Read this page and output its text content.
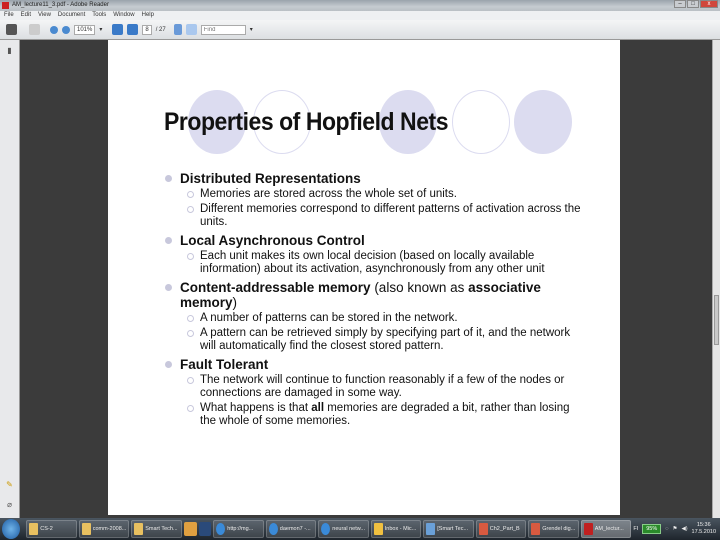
AM_lecture11_3.pdf - Adobe Reader	–	□	x
File Edit View Document Tools Window Help
101%	▾	8	/ 27
Find	▾
▮
✎
⌀
Properties of Hopfield Nets
Distributed Representations
Memories are stored across the whole set of units.
Different memories correspond to different patterns of activation across the units.
Local Asynchronous Control
Each unit makes its own local decision (based on locally available information) about its activation, asynchronously from any other unit
Content-addressable memory (also known as associative memory)
A number of patterns can be stored in the network.
A pattern can be retrieved simply by specifying part of it, and the network will automatically find the closest stored pattern.
Fault Tolerant
The network will continue to function reasonably if a few of the nodes or connections are damaged in some way.
What happens is that all memories are degraded a bit, rather than losing the whole of some memories.
CS-2	comm-2008...	Smart Tech...	http://mg...	daemon7 -...	neural netw...	Inbox - Mic...	[Smart Tec...	Ch2_Part_B	Grendel dig...	AM_lectur... FI	95%	◌ ⚑ ◀)
15:36
17.5.2010
